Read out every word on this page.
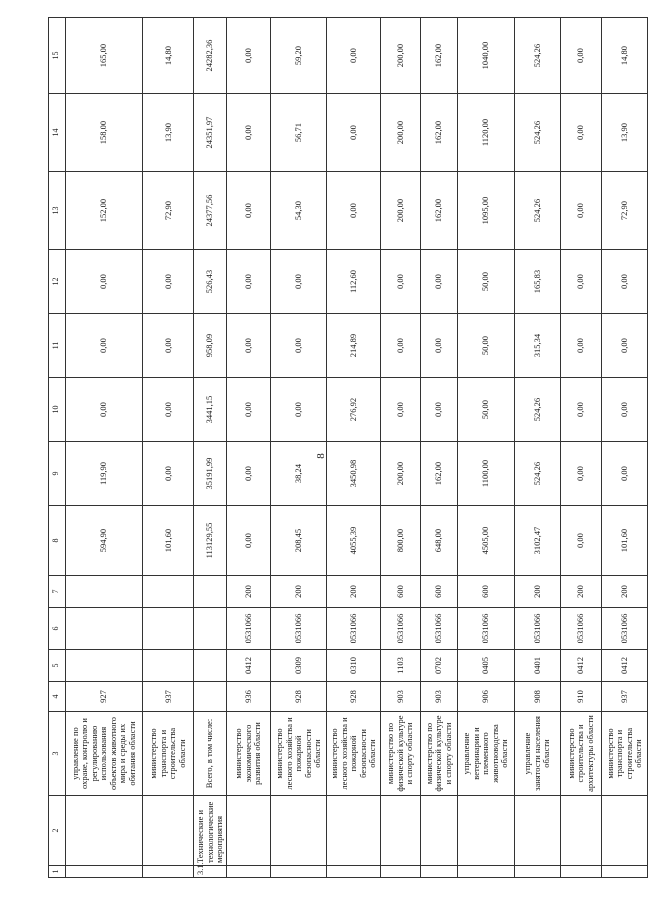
8
1	2	3	4	5	6	7	8	9	10	11	12	13	14	15
		управление по охране, контролю и регулированию использования объектов животного мира и среды их обитания области	927				594,90	119,90	0,00	0,00	0,00	152,00	158,00	165,00
		министерство транспорта и строительства области	937				101,60	0,00	0,00	0,00	0,00	72,90	13,90	14,80
3.1.	Технические и технологические мероприятия	Всего, в том числе:					113129,55	35191,99	3441,15	958,09	526,43	24377,56	24351,97	24282,36
		министерство экономического развития области	936	0412	0531066	200	0,00	0,00	0,00	0,00	0,00	0,00	0,00	0,00
		министерство лесного хозяйства и пожарной безопасности области	928	0309	0531066	200	208,45	38,24	0,00	0,00	0,00	54,30	56,71	59,20
		министерство лесного хозяйства и пожарной безопасности области	928	0310	0531066	200	4055,39	3450,98	276,92	214,89	112,60	0,00	0,00	0,00
		министерство по физической культуре и спорту области	903	1103	0531066	600	800,00	200,00	0,00	0,00	0,00	200,00	200,00	200,00
		министерство по физической культуре и спорту области	903	0702	0531066	600	648,00	162,00	0,00	0,00	0,00	162,00	162,00	162,00
		управление ветеринарии и племенного животноводства области	906	0405	0531066	600	4505,00	1100,00	50,00	50,00	50,00	1095,00	1120,00	1040,00
		управление занятости населения области	908	0401	0531066	200	3102,47	524,26	524,26	315,34	165,83	524,26	524,26	524,26
		министерство строительства и архитектуры области	910	0412	0531066	200	0,00	0,00	0,00	0,00	0,00	0,00	0,00	0,00
		министерство транспорта и строительства области	937	0412	0531066	200	101,60	0,00	0,00	0,00	0,00	72,90	13,90	14,80
